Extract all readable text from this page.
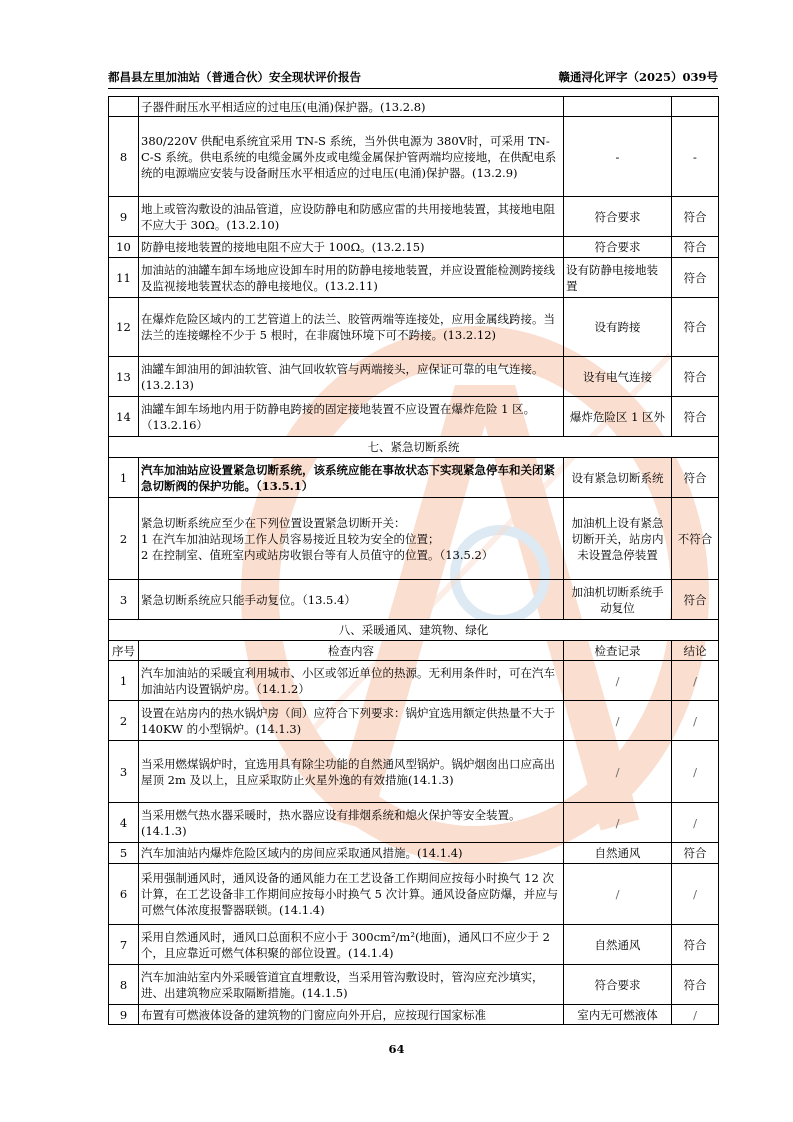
都昌县左里加油站（普通合伙）安全现状评价报告	赣通浔化评字（2025）039号
	子器件耐压水平相适应的过电压(电涌)保护器。(13.2.8)		
8	380/220V 供配电系统宜采用 TN-S 系统，当外供电源为 380V时，可采用 TN-C-S 系统。供电系统的电缆金属外皮或电缆金属保护管两端均应接地，在供配电系统的电源端应安装与设备耐压水平相适应的过电压(电涌)保护器。(13.2.9)	-	-
9	地上或管沟敷设的油品管道，应设防静电和防感应雷的共用接地装置，其接地电阻不应大于 30Ω。(13.2.10)	符合要求	符合
10	防静电接地装置的接地电阻不应大于 100Ω。(13.2.15)	符合要求	符合
11	加油站的油罐车卸车场地应设卸车时用的防静电接地装置，并应设置能检测跨接线及监视接地装置状态的静电接地仪。(13.2.11)	设有防静电接地装置	符合
12	在爆炸危险区域内的工艺管道上的法兰、胶管两端等连接处，应用金属线跨接。当法兰的连接螺栓不少于 5 根时，在非腐蚀环境下可不跨接。(13.2.12)	设有跨接	符合
13	油罐车卸油用的卸油软管、油气回收软管与两端接头，应保证可靠的电气连接。(13.2.13)	设有电气连接	符合
14	油罐车卸车场地内用于防静电跨接的固定接地装置不应设置在爆炸危险 1 区。（13.2.16）	爆炸危险区 1 区外	符合
七、紧急切断系统			
1	汽车加油站应设置紧急切断系统，该系统应能在事故状态下实现紧急停车和关闭紧急切断阀的保护功能。（13.5.1）	设有紧急切断系统	符合
2	紧急切断系统应至少在下列位置设置紧急切断开关：
1 在汽车加油站现场工作人员容易接近且较为安全的位置；
2 在控制室、值班室内或站房收银台等有人员值守的位置。（13.5.2）	加油机上设有紧急切断开关，站房内未设置急停装置	不符合
3	紧急切断系统应只能手动复位。（13.5.4）	加油机切断系统手动复位	符合
八、采暖通风、建筑物、绿化			
序号	检查内容	检查记录	结论
1	汽车加油站的采暖宜利用城市、小区或邻近单位的热源。无利用条件时，可在汽车加油站内设置锅炉房。（14.1.2）	/	/
2	设置在站房内的热水锅炉房（间）应符合下列要求：锅炉宜选用额定供热量不大于 140KW 的小型锅炉。(14.1.3)	/	/
3	当采用燃煤锅炉时，宜选用具有除尘功能的自然通风型锅炉。锅炉烟囱出口应高出屋顶 2m 及以上，且应采取防止火星外逸的有效措施(14.1.3)	/	/
4	当采用燃气热水器采暖时，热水器应设有排烟系统和熄火保护等安全装置。(14.1.3)	/	/
5	汽车加油站内爆炸危险区域内的房间应采取通风措施。(14.1.4)	自然通风	符合
6	采用强制通风时，通风设备的通风能力在工艺设备工作期间应按每小时换气 12 次计算，在工艺设备非工作期间应按每小时换气 5 次计算。通风设备应防爆，并应与可燃气体浓度报警器联锁。(14.1.4)	/	/
7	采用自然通风时，通风口总面积不应小于 300cm²/m²(地面)，通风口不应少于 2 个，且应靠近可燃气体积聚的部位设置。(14.1.4)	自然通风	符合
8	汽车加油站室内外采暖管道宜直埋敷设，当采用管沟敷设时，管沟应充沙填实，进、出建筑物应采取隔断措施。(14.1.5)	符合要求	符合
9	布置有可燃液体设备的建筑物的门窗应向外开启，应按现行国家标准	室内无可燃液体	/
64
